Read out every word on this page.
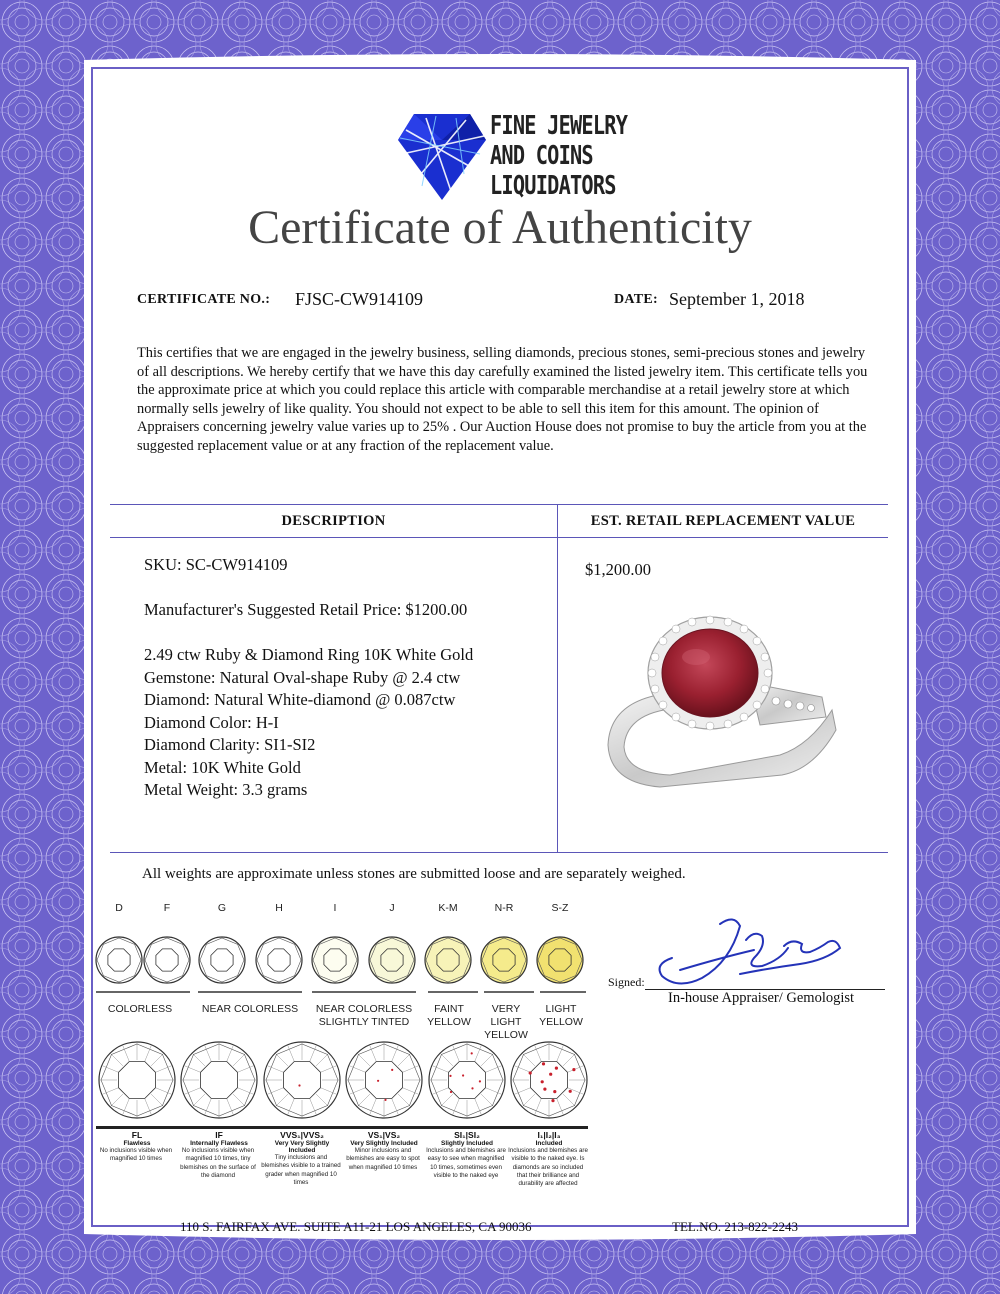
FINE JEWELRY
AND COINS
LIQUIDATORS
Certificate of Authenticity
CERTIFICATE NO.: FJSC-CW914109	DATE: September 1, 2018
This certifies that we are engaged in the jewelry business, selling diamonds, precious stones, semi-precious stones and jewelry of all descriptions. We hereby certify that we have this day carefully examined the listed jewelry item. This certificate tells you the approximate price at which you could replace this article with comparable merchandise at a retail jewelry store at which normally sells jewelry of like quality. You should not expect to be able to sell this item for this amount. The opinion of Appraisers concerning jewelry value varies up to 25% . Our Auction House does not promise to buy the article from you at the suggested replacement value or at any fraction of the replacement value.
DESCRIPTION	EST. RETAIL REPLACEMENT VALUE
SKU: SC-CW914109
Manufacturer's Suggested Retail Price: $1200.00
2.49 ctw Ruby & Diamond Ring 10K White Gold
Gemstone: Natural Oval-shape Ruby @ 2.4 ctw
Diamond: Natural White-diamond @ 0.087ctw
Diamond Color: H-I
Diamond Clarity: SI1-SI2
Metal: 10K White Gold
Metal Weight: 3.3 grams
$1,200.00
All weights are approximate unless stones are submitted loose and are separately weighed.
D	F	G	H	I	J	K-M	N-R	S-Z
COLORLESS	NEAR COLORLESS	NEAR COLORLESS
SLIGHTLY TINTED
FAINT
YELLOW
VERY LIGHT
YELLOW
LIGHT
YELLOW
FL
Flawless
No inclusions visible when magnified 10 times
IF
Internally Flawless
No inclusions visible when magnified 10 times, tiny blemishes on the surface of the diamond
VVS₁|VVS₂
Very Very Slightly Included
Tiny inclusions and blemishes visible to a trained grader when magnified 10 times
VS₁|VS₂
Very Slightly Included
Minor inclusions and blemishes are easy to spot when magnified 10 times
SI₁|SI₂
Slightly Included
Inclusions and blemishes are easy to see when magnified 10 times, sometimes even visible to the naked eye
I₁|I₂|I₃
Included
Inclusions and blemishes are visible to the naked eye. Is diamonds are so included that their brilliance and durability are affected
Signed:
In-house Appraiser/ Gemologist
110 S. FAIRFAX AVE. SUITE A11-21 LOS ANGELES, CA 90036	TEL.NO. 213-822-2243
